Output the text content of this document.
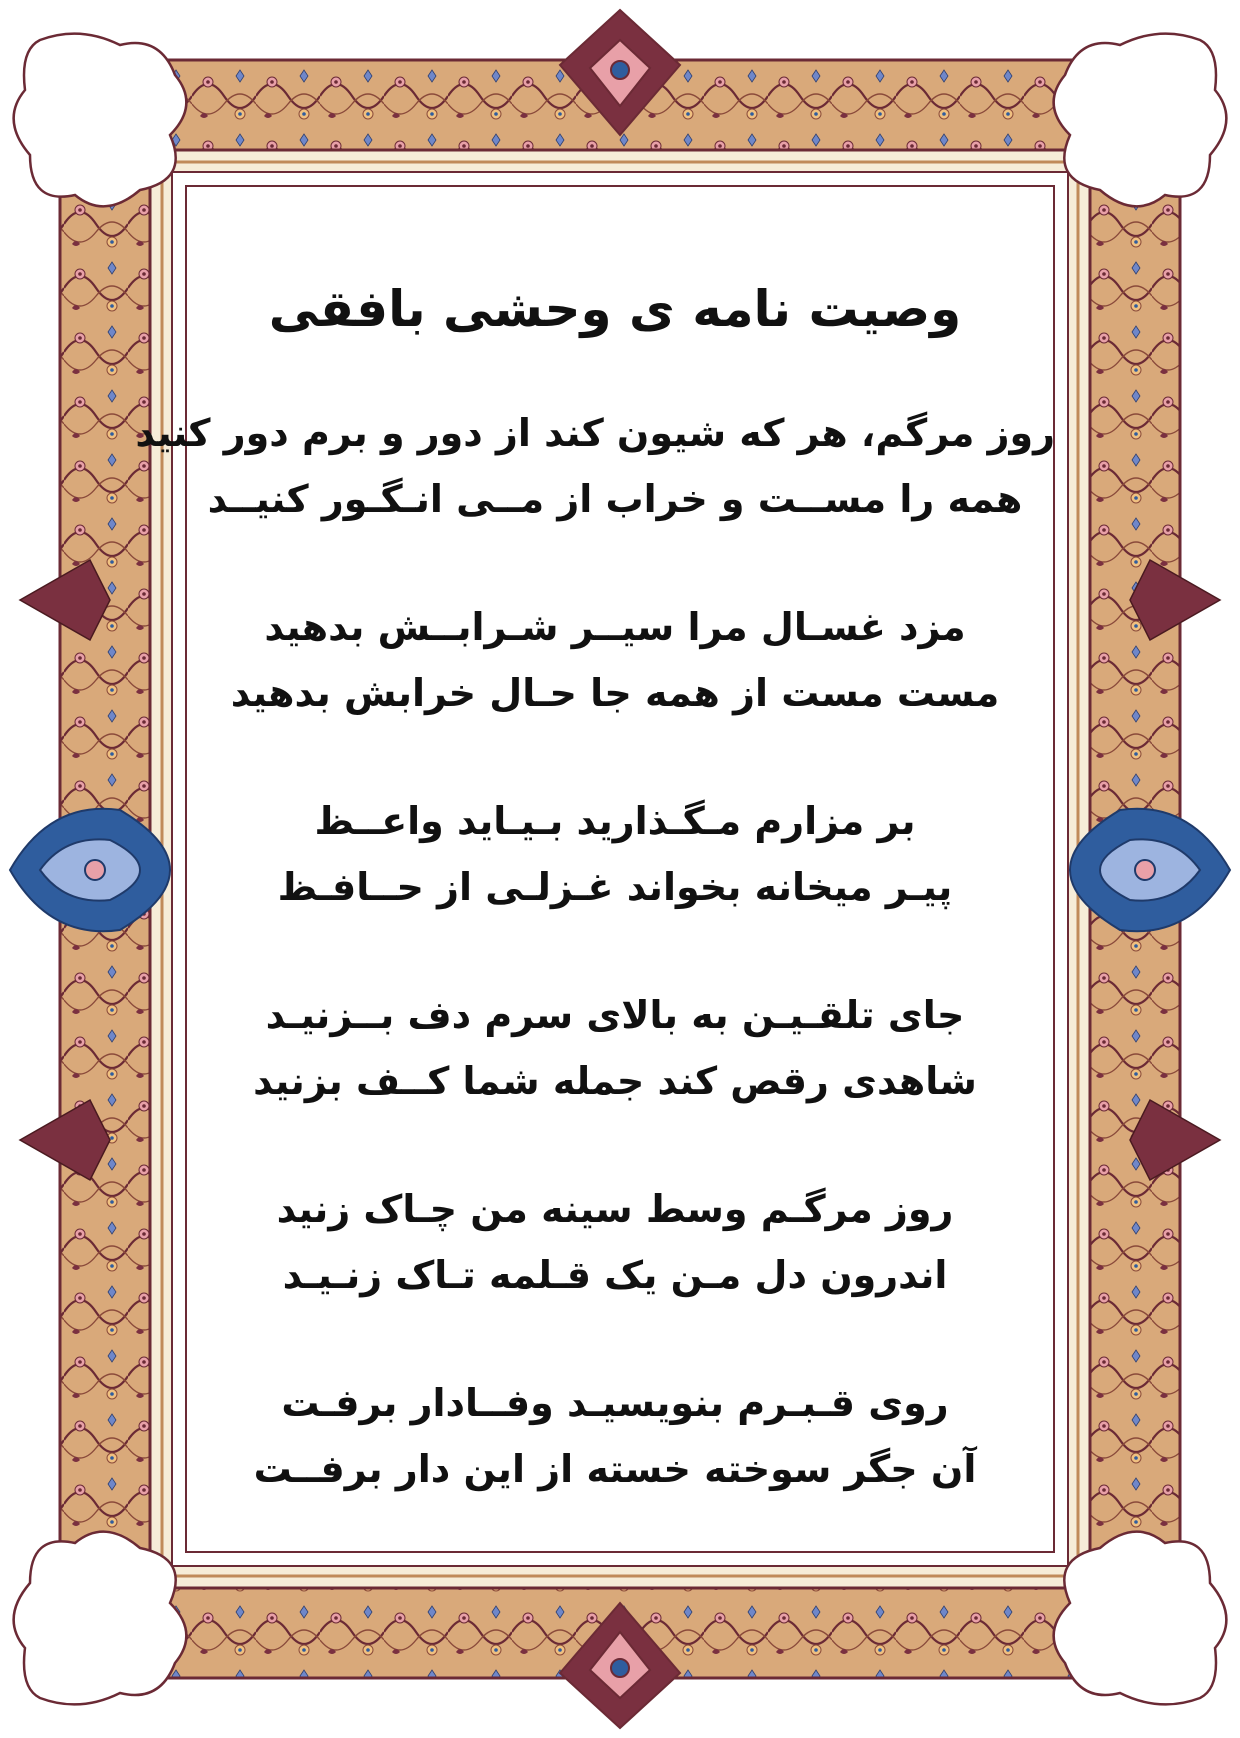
وصیت نامه ی وحشی بافقی
روز مرگم، هر که شیون کند از دور و برم دور کنید
همه را مســت و خراب از مــی انـگـور کنیــد
مزد غسـال مرا سیــر شـرابــش بدهید
مست مست از همه جا حـال خرابش بدهید
بر مزارم مـگـذارید بـیـاید واعــظ
پیـر میخانه بخواند غـزلـی از حــافـظ
جای تلقـیـن به بالای سرم دف بــزنیـد
شاهدی رقص کند جمله شما کــف بزنید
روز مرگـم وسط سینه من چـاک زنید
اندرون دل مـن یک قـلمه تـاک زنـیـد
روی قـبـرم بنویسیـد وفــادار برفـت
آن جگر سوخته خسته از این دار برفــت
